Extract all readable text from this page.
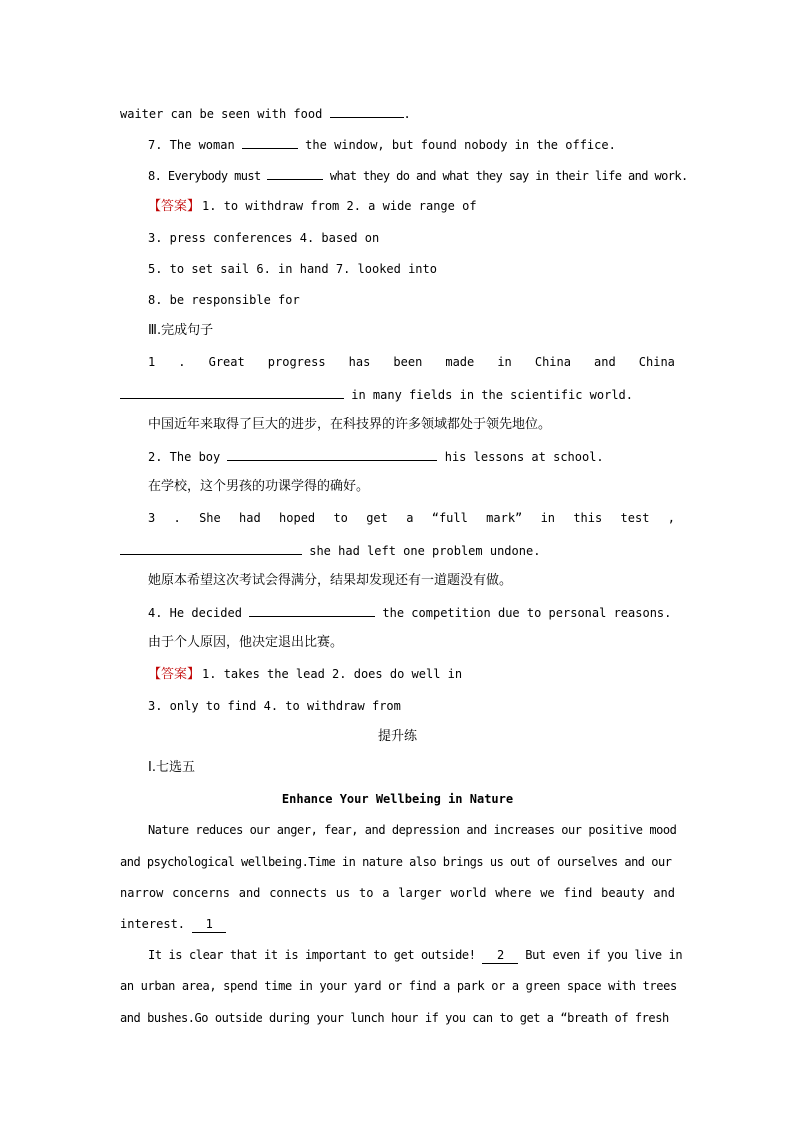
waiter can be seen with food	.
7. The woman	the window, but found nobody in the office.
8. Everybody must	what they do and what they say in their life and work.
【答案】 1. to withdraw from 2. a wide range of
3. press conferences 4. based on
5. to set sail 6. in hand 7. looked into
8. be responsible for
Ⅲ.完成句子
1 . Great progress has been made in China and China
in many fields in the scientific world.
中国近年来取得了巨大的进步，在科技界的许多领域都处于领先地位。
2. The boy	his lessons at school.
在学校，这个男孩的功课学得的确好。
3 . She had hoped to get a “full mark” in this test ,
she had left one problem undone.
她原本希望这次考试会得满分，结果却发现还有一道题没有做。
4. He decided	the competition due to personal reasons.
由于个人原因，他决定退出比赛。
【答案】 1. takes the lead 2. does do well in
3. only to find 4. to withdraw from
提升练
Ⅰ.七选五
Enhance Your Wellbeing in Nature
Nature reduces our anger, fear, and depression and increases our positive mood
and psychological wellbeing.Time in nature also brings us out of ourselves and our
narrow concerns and connects us to a larger world where we find beauty and
interest. 1
It is clear that it is important to get outside! 2 But even if you live in
an urban area, spend time in your yard or find a park or a green space with trees
and bushes.Go outside during your lunch hour if you can to get a “breath of fresh
